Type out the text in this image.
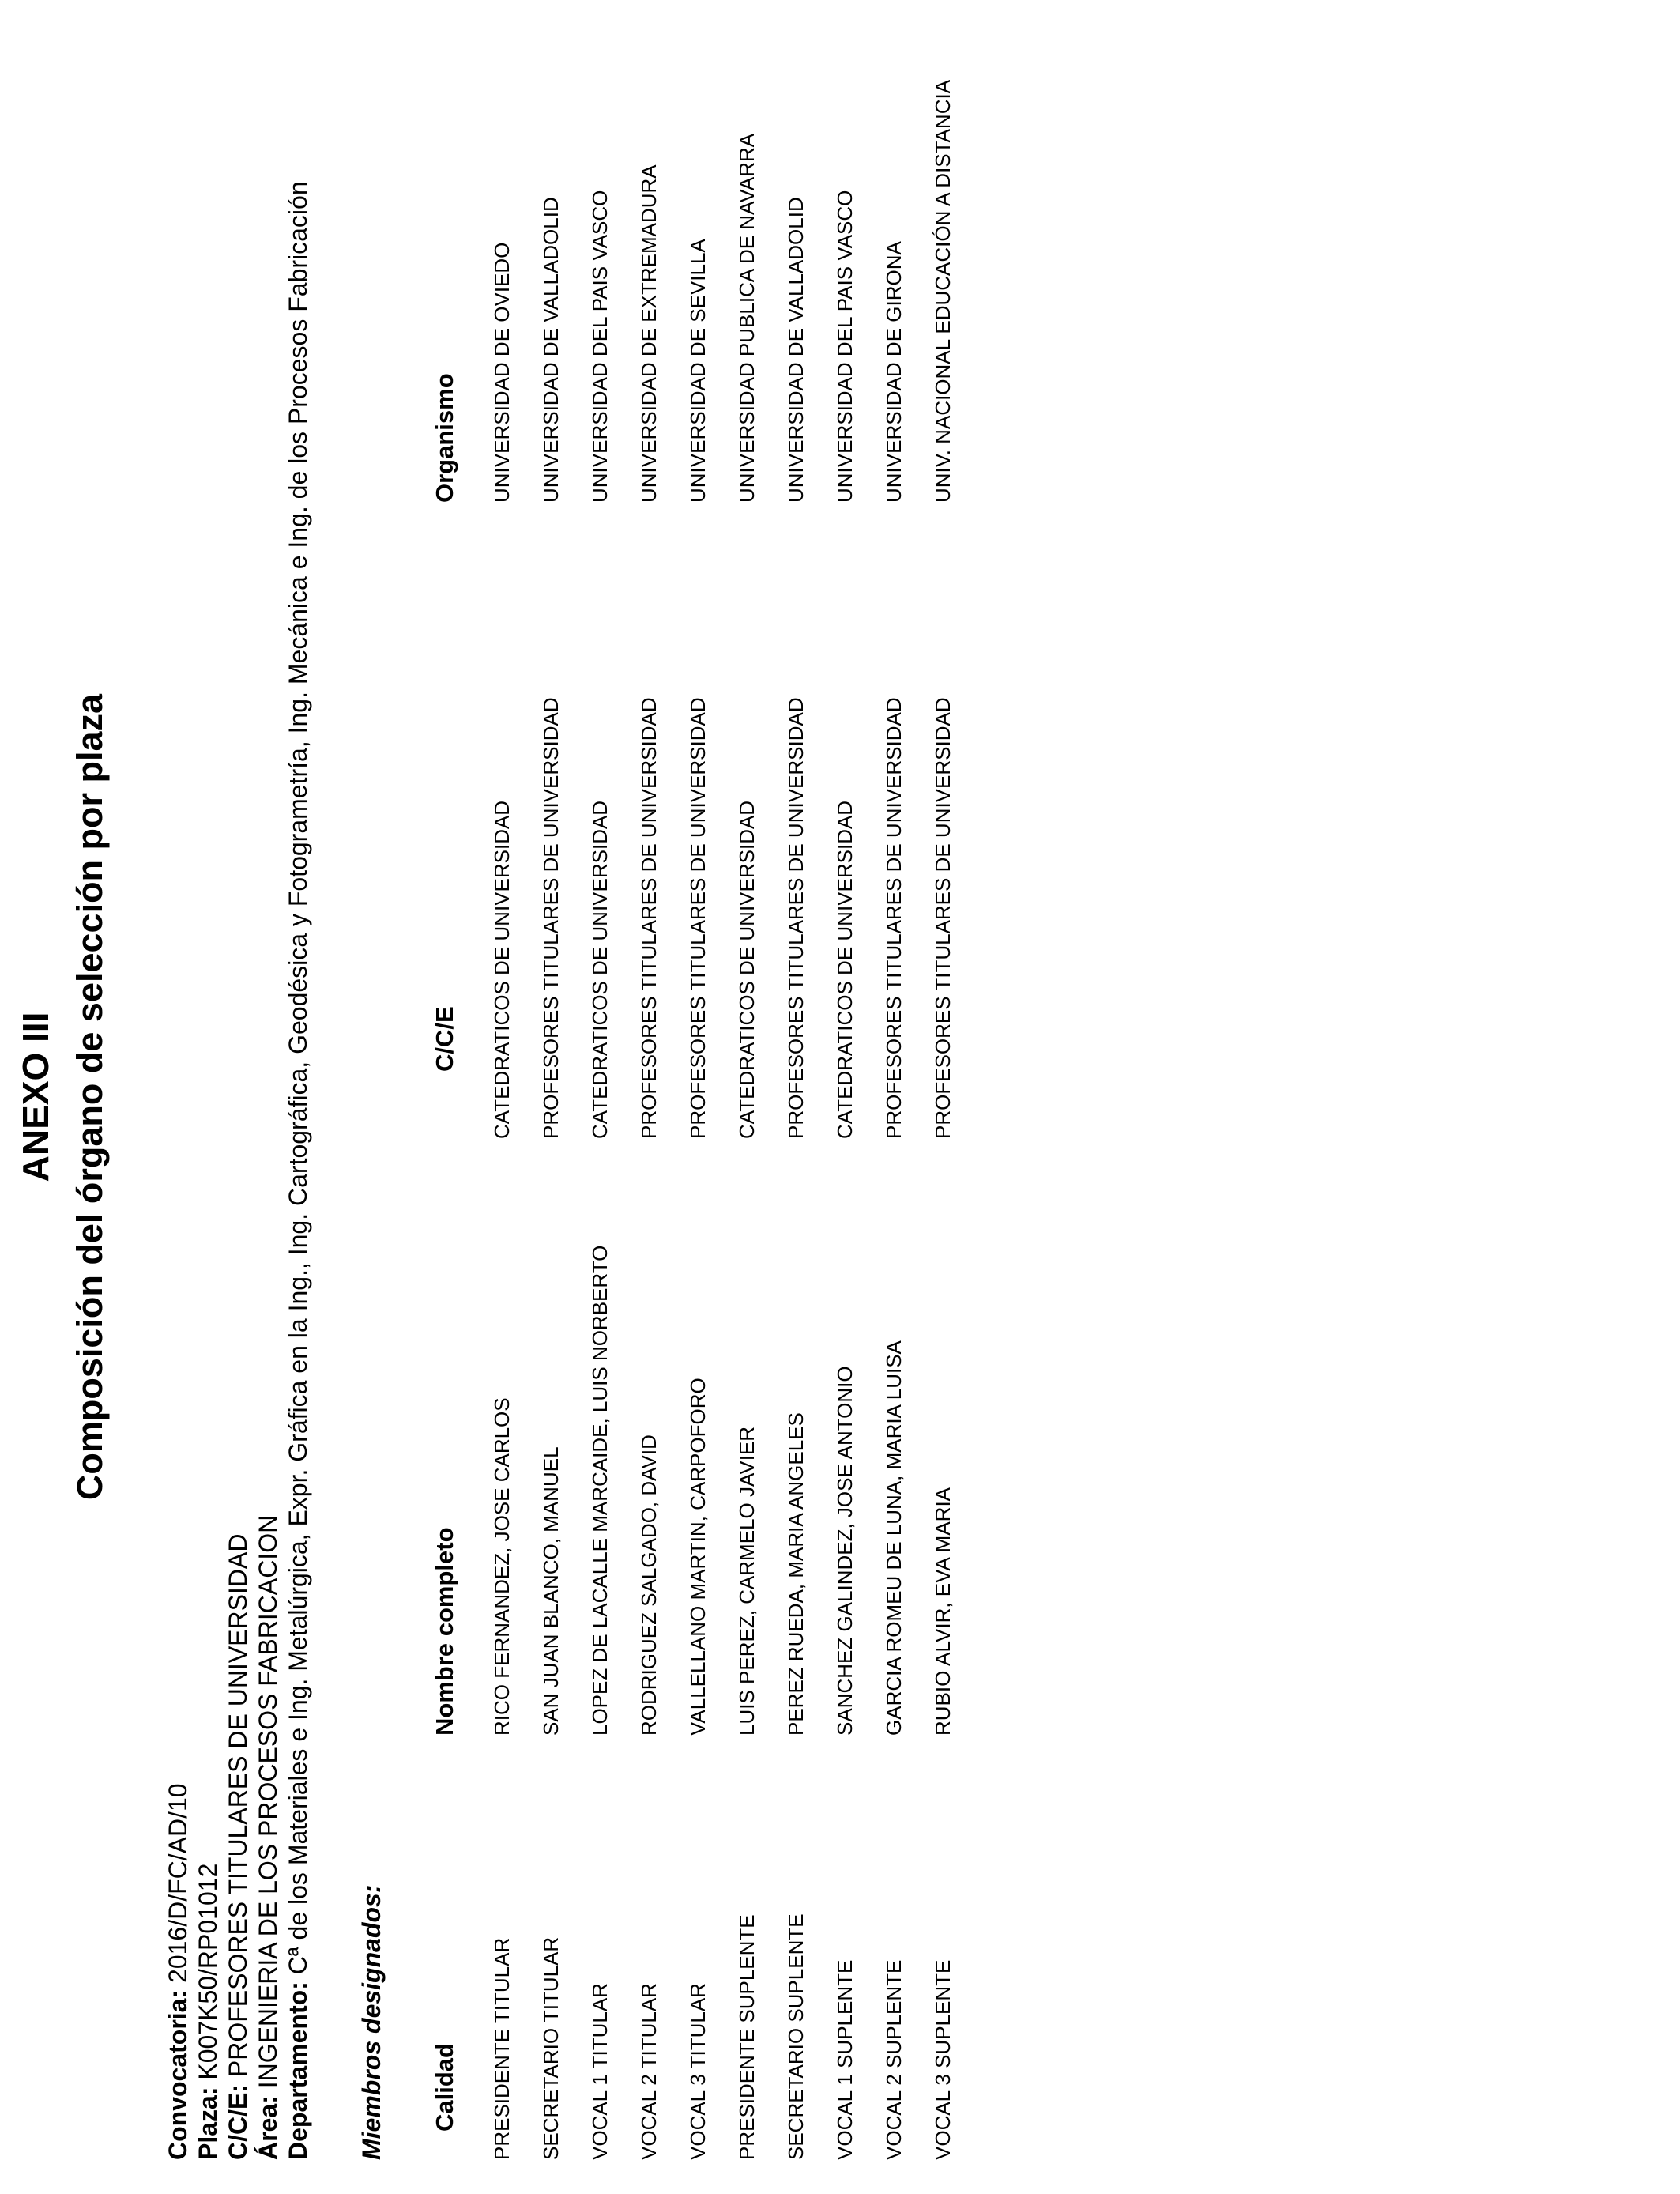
ANEXO III Composición del órgano de selección por plaza
Convocatoria: 2016/D/FC/AD/10
Plaza: K007K50/RP01012
C/C/E: PROFESORES TITULARES DE UNIVERSIDAD
Área: INGENIERIA DE LOS PROCESOS FABRICACION Departamento: Cª de los Materiales e Ing. Metalúrgica, Expr. Gráfica en la Ing., Ing. Cartográfica, Geodésica y Fotogrametría, Ing. Mecánica e Ing. de los Procesos Fabricación
Miembros designados: Calidad
Nombre completo
C/C/E
Organismo
PRESIDENTE TITULAR
RICO FERNANDEZ, JOSE CARLOS
CATEDRATICOS DE UNIVERSIDAD
UNIVERSIDAD DE OVIEDO
SECRETARIO TITULAR
SAN JUAN BLANCO, MANUEL
PROFESORES TITULARES DE UNIVERSIDAD
UNIVERSIDAD DE VALLADOLID
VOCAL 1 TITULAR
LOPEZ DE LACALLE MARCAIDE, LUIS NORBERTO
CATEDRATICOS DE UNIVERSIDAD
UNIVERSIDAD DEL PAIS VASCO
VOCAL 2 TITULAR
RODRIGUEZ SALGADO, DAVID
PROFESORES TITULARES DE UNIVERSIDAD
UNIVERSIDAD DE EXTREMADURA
VOCAL 3 TITULAR
VALLELLANO MARTIN, CARPOFORO
PROFESORES TITULARES DE UNIVERSIDAD
UNIVERSIDAD DE SEVILLA
PRESIDENTE SUPLENTE
LUIS PEREZ, CARMELO JAVIER
CATEDRATICOS DE UNIVERSIDAD
UNIVERSIDAD PUBLICA DE NAVARRA
SECRETARIO SUPLENTE
PEREZ RUEDA, MARIA ANGELES
PROFESORES TITULARES DE UNIVERSIDAD
UNIVERSIDAD DE VALLADOLID
VOCAL 1 SUPLENTE
SANCHEZ GALINDEZ, JOSE ANTONIO
CATEDRATICOS DE UNIVERSIDAD
UNIVERSIDAD DEL PAIS VASCO
VOCAL 2 SUPLENTE
GARCIA ROMEU DE LUNA, MARIA LUISA
PROFESORES TITULARES DE UNIVERSIDAD
UNIVERSIDAD DE GIRONA
VOCAL 3 SUPLENTE
RUBIO ALVIR, EVA MARIA
PROFESORES TITULARES DE UNIVERSIDAD
UNIV. NACIONAL EDUCACIÓN A DISTANCIA
